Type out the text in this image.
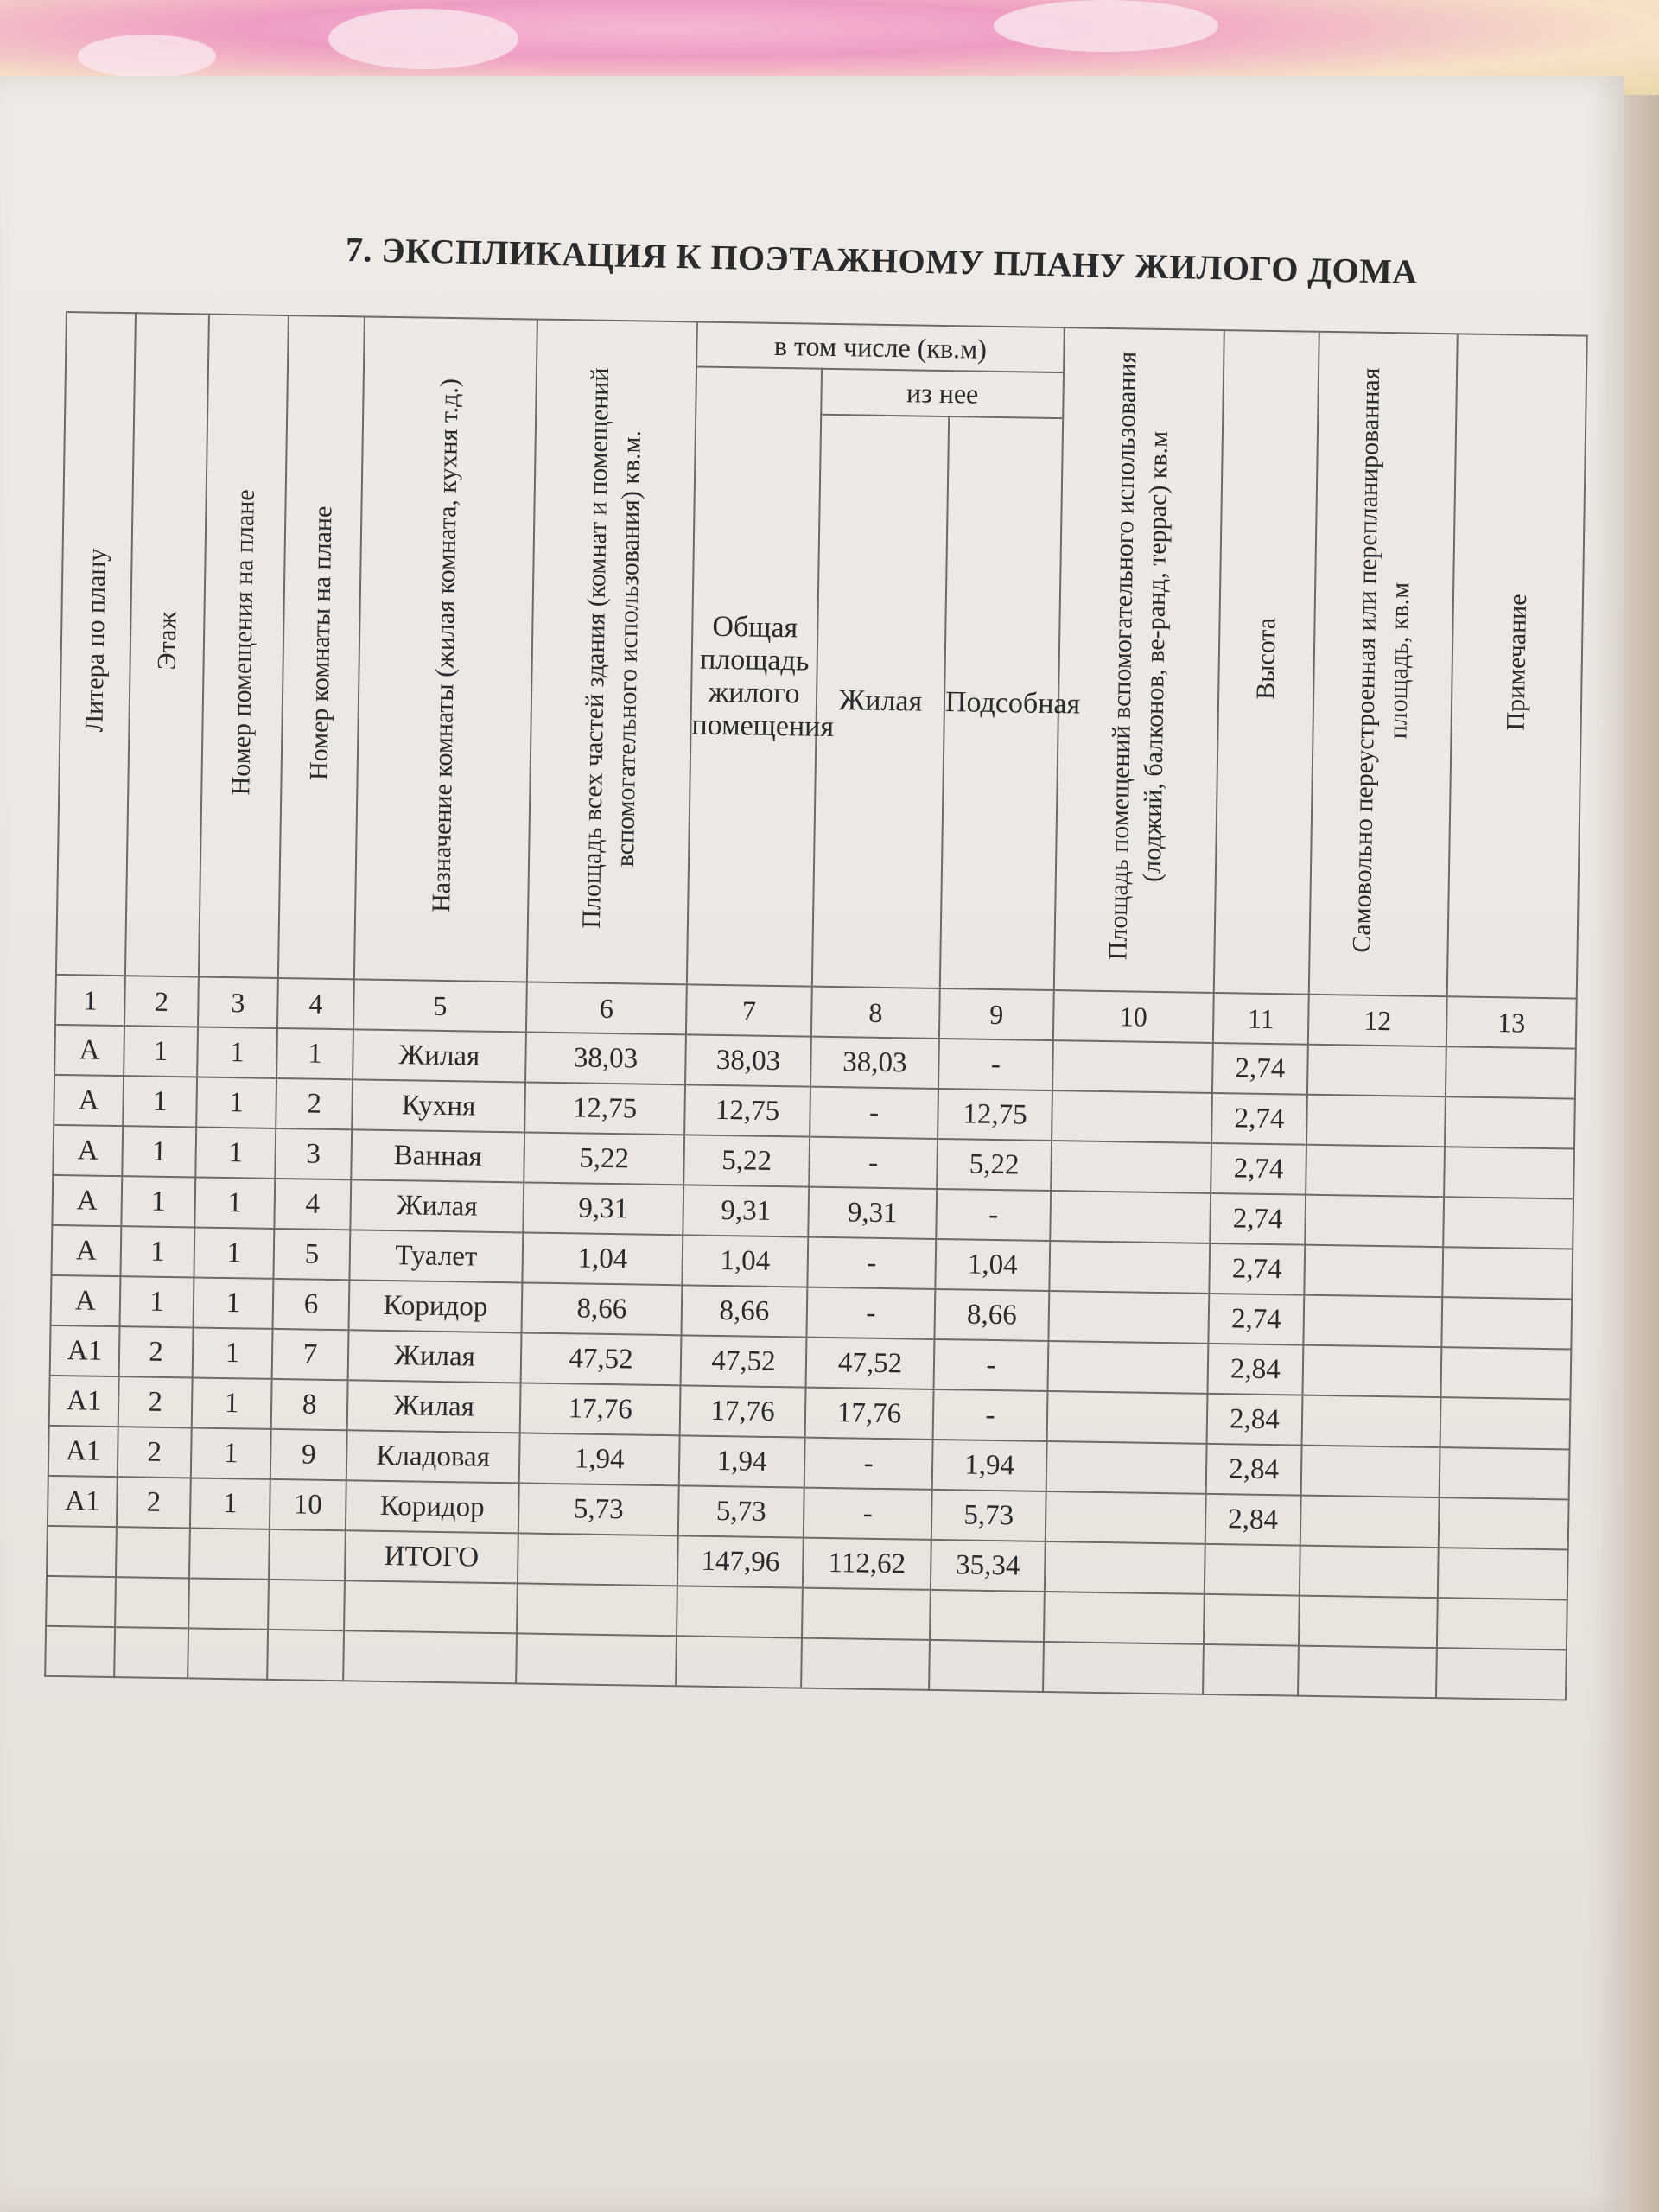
7. ЭКСПЛИКАЦИЯ К ПОЭТАЖНОМУ ПЛАНУ ЖИЛОГО ДОМА
Литера по плану	Этаж	Номер помещения на плане	Номер комнаты на плане	Назначение комнаты (жилая комната, кухня т.д.)	Площадь всех частей здания (комнат и помещений вспомогательного использования) кв.м.	в том числе (кв.м)			Площадь помещений вспомогательного использования (лоджий, балконов, ве-ранд, террас) кв.м	Высота	Самовольно переустроенная или перепланированная площадь, кв.м	Примечание
						Общая площадь жилого помещения	из нее					
							Жилая	Подсобная				
1	2	3	4	5	6	7	8	9	10	11	12	13
А	1	1	1	Жилая	38,03	38,03	38,03	-		2,74		
А	1	1	2	Кухня	12,75	12,75	-	12,75		2,74		
А	1	1	3	Ванная	5,22	5,22	-	5,22		2,74		
А	1	1	4	Жилая	9,31	9,31	9,31	-		2,74		
А	1	1	5	Туалет	1,04	1,04	-	1,04		2,74		
А	1	1	6	Коридор	8,66	8,66	-	8,66		2,74		
А1	2	1	7	Жилая	47,52	47,52	47,52	-		2,84		
А1	2	1	8	Жилая	17,76	17,76	17,76	-		2,84		
А1	2	1	9	Кладовая	1,94	1,94	-	1,94		2,84		
А1	2	1	10	Коридор	5,73	5,73	-	5,73		2,84		
				ИТОГО		147,96	112,62	35,34				
